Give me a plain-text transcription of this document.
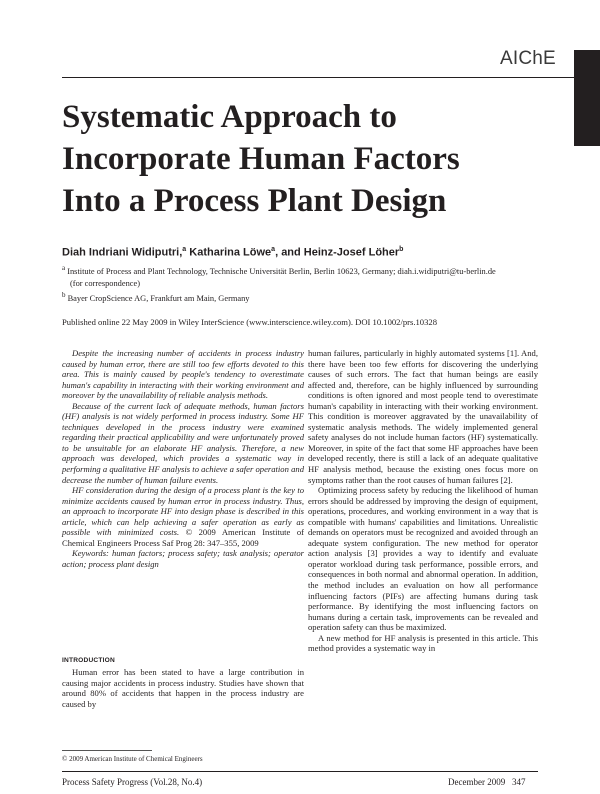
AIChE
Systematic Approach to
Incorporate Human Factors
Into a Process Plant Design
Diah Indriani Widiputri,$^a$ Katharina Löwe$^a$, and Heinz-Josef Löher$^b$
$^a$ Institute of Process and Plant Technology, Technische Universität Berlin, Berlin 10623, Germany; diah.i.widiputri@tu-berlin.de
(for correspondence)
$^b$ Bayer CropScience AG, Frankfurt am Main, Germany
Published online 22 May 2009 in Wiley InterScience (www.interscience.wiley.com). DOI 10.1002/prs.10328

Despite the increasing number of accidents in process industry caused by human error, there are still too few efforts devoted to this area. This is mainly caused by people's tendency to overestimate human's capability in interacting with their working environment and moreover by the unavailability of reliable analysis methods.

Because of the current lack of adequate methods, human factors (HF) analysis is not widely performed in process industry. Some HF techniques developed in the process industry were examined regarding their practical applicability and were unfortunately proved to be unsuitable for an elaborate HF analysis. Therefore, a new approach was developed, which provides a systematic way in performing a qualitative HF analysis to achieve a safer operation and decrease the number of human failure events.

HF consideration during the design of a process plant is the key to minimize accidents caused by human error in process industry. Thus, an approach to incorporate HF into design phase is described in this article, which can help achieving a safer operation as early as possible with minimized costs. © 2009 American Institute of Chemical Engineers Process Saf Prog 28: 347–355, 2009

Keywords: human factors; process safety; task analysis; operator action; process plant design

INTRODUCTION

Human error has been stated to have a large contribution in causing major accidents in process industry. Studies have shown that around 80% of accidents that happen in the process industry are caused by

© 2009 American Institute of Chemical Engineers

human failures, particularly in highly automated systems [1]. And, there have been too few efforts for discovering the underlying causes of such errors. The fact that human beings are easily affected and, therefore, can be highly influenced by surrounding conditions is often ignored and most people tend to overestimate human's capability in interacting with their working environment. This condition is moreover aggravated by the unavailability of systematic analysis methods. The widely implemented general safety analyses do not include human factors (HF) systematically. Moreover, in spite of the fact that some HF approaches have been developed recently, there is still a lack of an adequate qualitative HF analysis method, because the existing ones focus more on symptoms rather than the root causes of human failures [2].

Optimizing process safety by reducing the likelihood of human errors should be addressed by improving the design of equipment, operations, procedures, and working environment in a way that is compatible with humans' capabilities and limitations. Unrealistic demands on operators must be recognized and avoided through an adequate system configuration. The new method for operator action analysis [3] provides a way to identify and evaluate operator workload during task performance, possible errors, and consequences in both normal and abnormal operation. In addition, the method includes an evaluation on how all performance influencing factors (PIFs) are affecting humans during task performance. By identifying the most influencing factors on humans during a certain task, improvements can be revealed and operation safety can thus be maximized.

A new method for HF analysis is presented in this article. This method provides a systematic way in

Process Safety Progress (Vol.28, No.4)	December 2009   347
